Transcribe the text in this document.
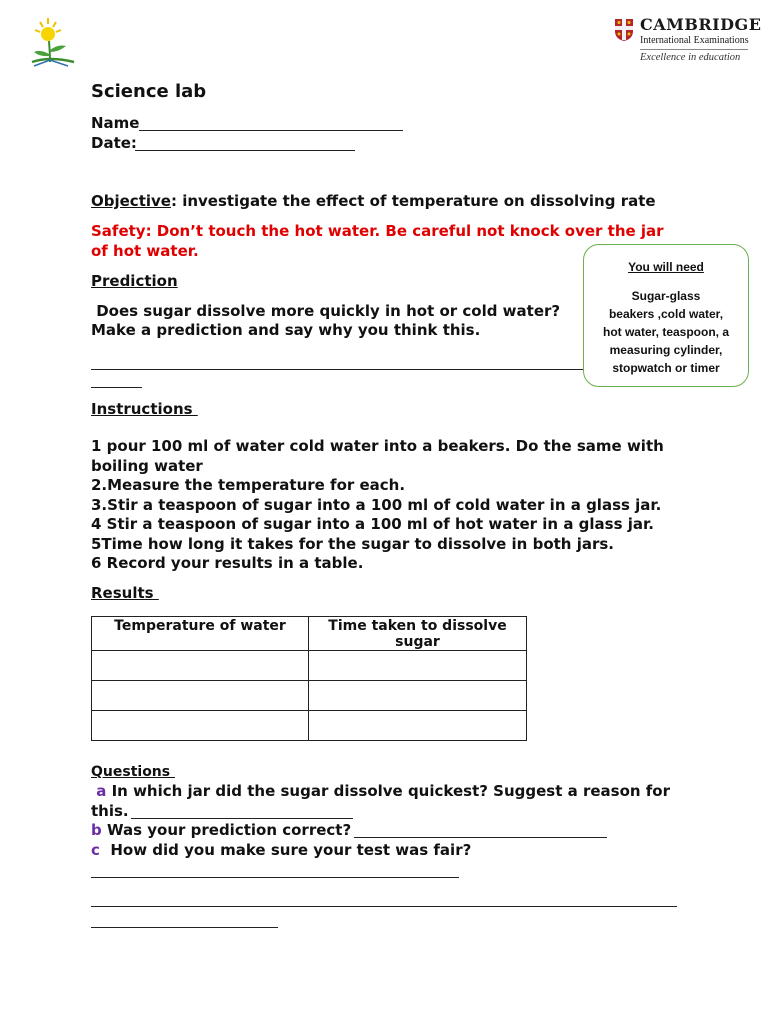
CAMBRIDGE
International Examinations
Excellence in education
Science lab
Name
Date:
Objective: investigate the effect of temperature on dissolving rate
Safety: Don’t touch the hot water. Be careful not knock over the jar
of hot water.
Prediction
Does sugar dissolve more quickly in hot or cold water?
Make a prediction and say why you think this.
You will need
Sugar-glass
beakers ,cold water,
hot water, teaspoon, a
measuring cylinder,
stopwatch or timer
Instructions
1 pour 100 ml of water cold water into a beakers. Do the same with
boiling water
2.Measure the temperature for each.
3.Stir a teaspoon of sugar into a 100 ml of cold water in a glass jar.
4 Stir a teaspoon of sugar into a 100 ml of hot water in a glass jar.
5Time how long it takes for the sugar to dissolve in both jars.
6 Record your results in a table.
Results
Temperature of water	Time taken to dissolve
sugar

Questions
a In which jar did the sugar dissolve quickest? Suggest a reason for
this.
b Was your prediction correct?
c  How did you make sure your test was fair?
